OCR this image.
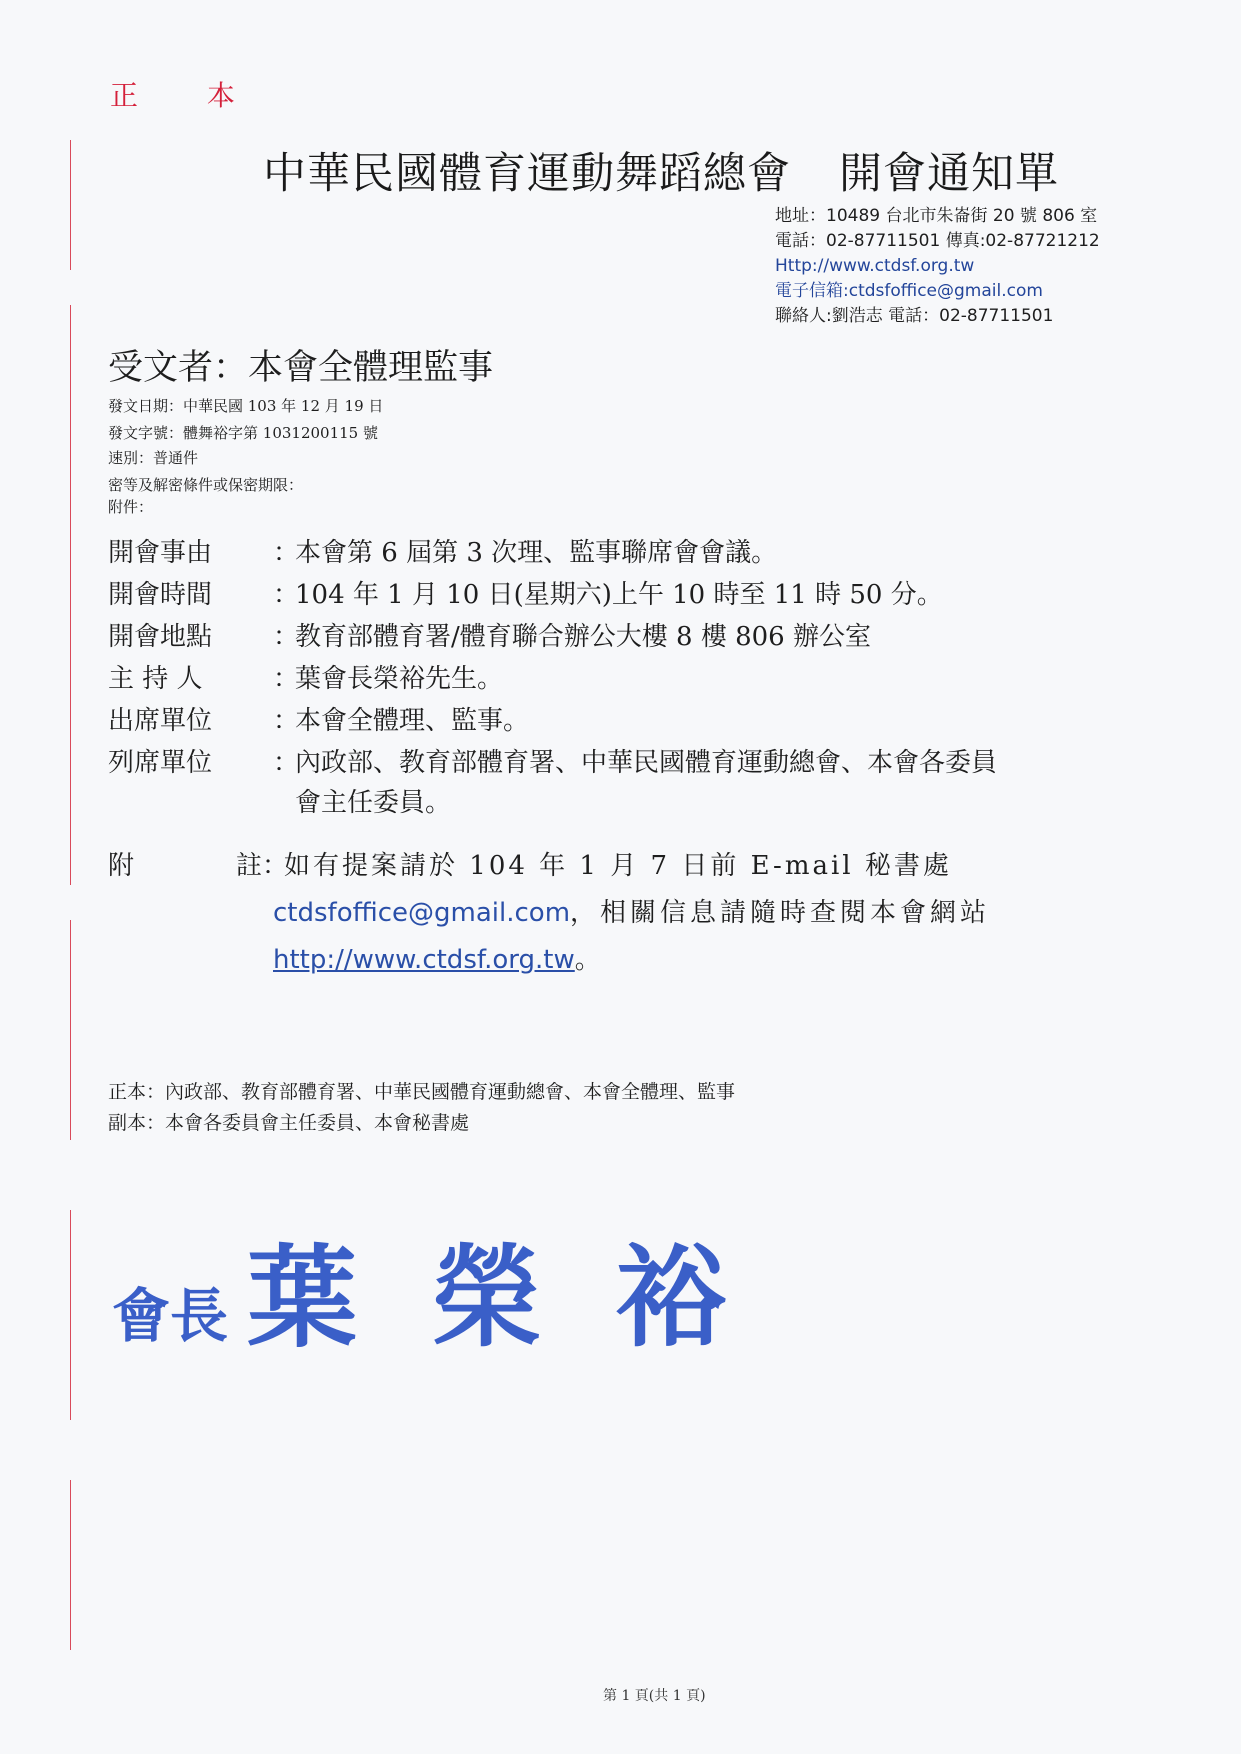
正 本
中華民國體育運動舞蹈總會 開會通知單
地址：10489 台北市朱崙街 20 號 806 室
電話：02-87711501 傳真:02-87721212
Http://www.ctdsf.org.tw
電子信箱:ctdsfoffice@gmail.com
聯絡人:劉浩志 電話：02-87711501
受文者：本會全體理監事
發文日期：中華民國 103 年 12 月 19 日
發文字號：體舞裕字第 1031200115 號
速別：普通件
密等及解密條件或保密期限：
附件：
開會事由 ：本會第 6 屆第 3 次理、監事聯席會會議。
開會時間 ：104 年 1 月 10 日(星期六)上午 10 時至 11 時 50 分。
開會地點 ：教育部體育署/體育聯合辦公大樓 8 樓 806 辦公室
主 持 人	：葉會長榮裕先生。
出席單位 ：本會全體理、監事。
列席單位 ：內政部、教育部體育署、中華民國體育運動總會、本會各委員
會主任委員。
附	註：如有提案請於 104 年 1 月 7 日前 E-mail 秘書處
ctdsfoffice@gmail.com，相關信息請隨時查閱本會網站
http://www.ctdsf.org.tw。
正本：內政部、教育部體育署、中華民國體育運動總會、本會全體理、監事
副本：本會各委員會主任委員、本會秘書處
會長 葉 榮 裕
第 1 頁(共 1 頁)
